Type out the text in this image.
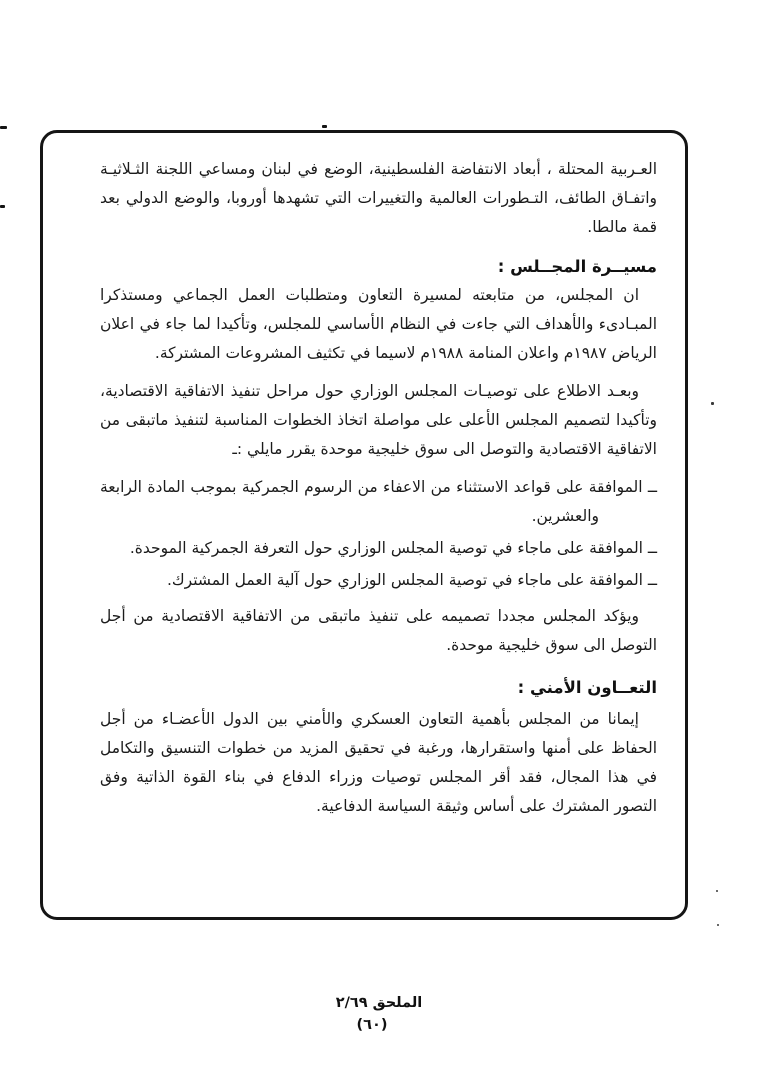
العـربية المحتلة ، أبعاد الانتفاضة الفلسطينية، الوضع في لبنان ومساعي اللجنة الثـلاثيـة واتفـاق الطائف، التـطورات العالمية والتغييرات التي تشهدها أوروبا، والوضع الدولي بعد قمة مالطا.

مسيــرة المجــلس :

ان المجلس، من متابعته لمسيرة التعاون ومتطلبات العمل الجماعي ومستذكرا المبـادىء والأهداف التي جاءت في النظام الأساسي للمجلس، وتأكيدا لما جاء في اعلان الرياض ١٩٨٧م واعلان المنامة ١٩٨٨م لاسيما في تكثيف المشروعات المشتركة.

وبعـد الاطلاع على توصيـات المجلس الوزاري حول مراحل تنفيذ الاتفاقية الاقتصادية، وتأكيدا لتصميم المجلس الأعلى على مواصلة اتخاذ الخطوات المناسبة لتنفيذ ماتبقى من الاتفاقية الاقتصادية والتوصل الى سوق خليجية موحدة يقرر مايلي :ـ

ــ الموافقة على قواعد الاستثناء من الاعفاء من الرسوم الجمركية بموجب المادة الرابعة والعشرين.

ــ الموافقة على ماجاء في توصية المجلس الوزاري حول التعرفة الجمركية الموحدة.

ــ الموافقة على ماجاء في توصية المجلس الوزاري حول آلية العمل المشترك.

ويؤكد المجلس مجددا تصميمه على تنفيذ ماتبقى من الاتفاقية الاقتصادية من أجل التوصل الى سوق خليجية موحدة.

التعــاون الأمني :

إيمانا من المجلس بأهمية التعاون العسكري والأمني بين الدول الأعضـاء من أجل الحفاظ على أمنها واستقرارها، ورغبة في تحقيق المزيد من خطوات التنسيق والتكامل في هذا المجال، فقد أقر المجلس توصيات وزراء الدفاع في بناء القوة الذاتية وفق التصور المشترك على أساس وثيقة السياسة الدفاعية.

الملحق ٢/٦٩
(٦٠)
